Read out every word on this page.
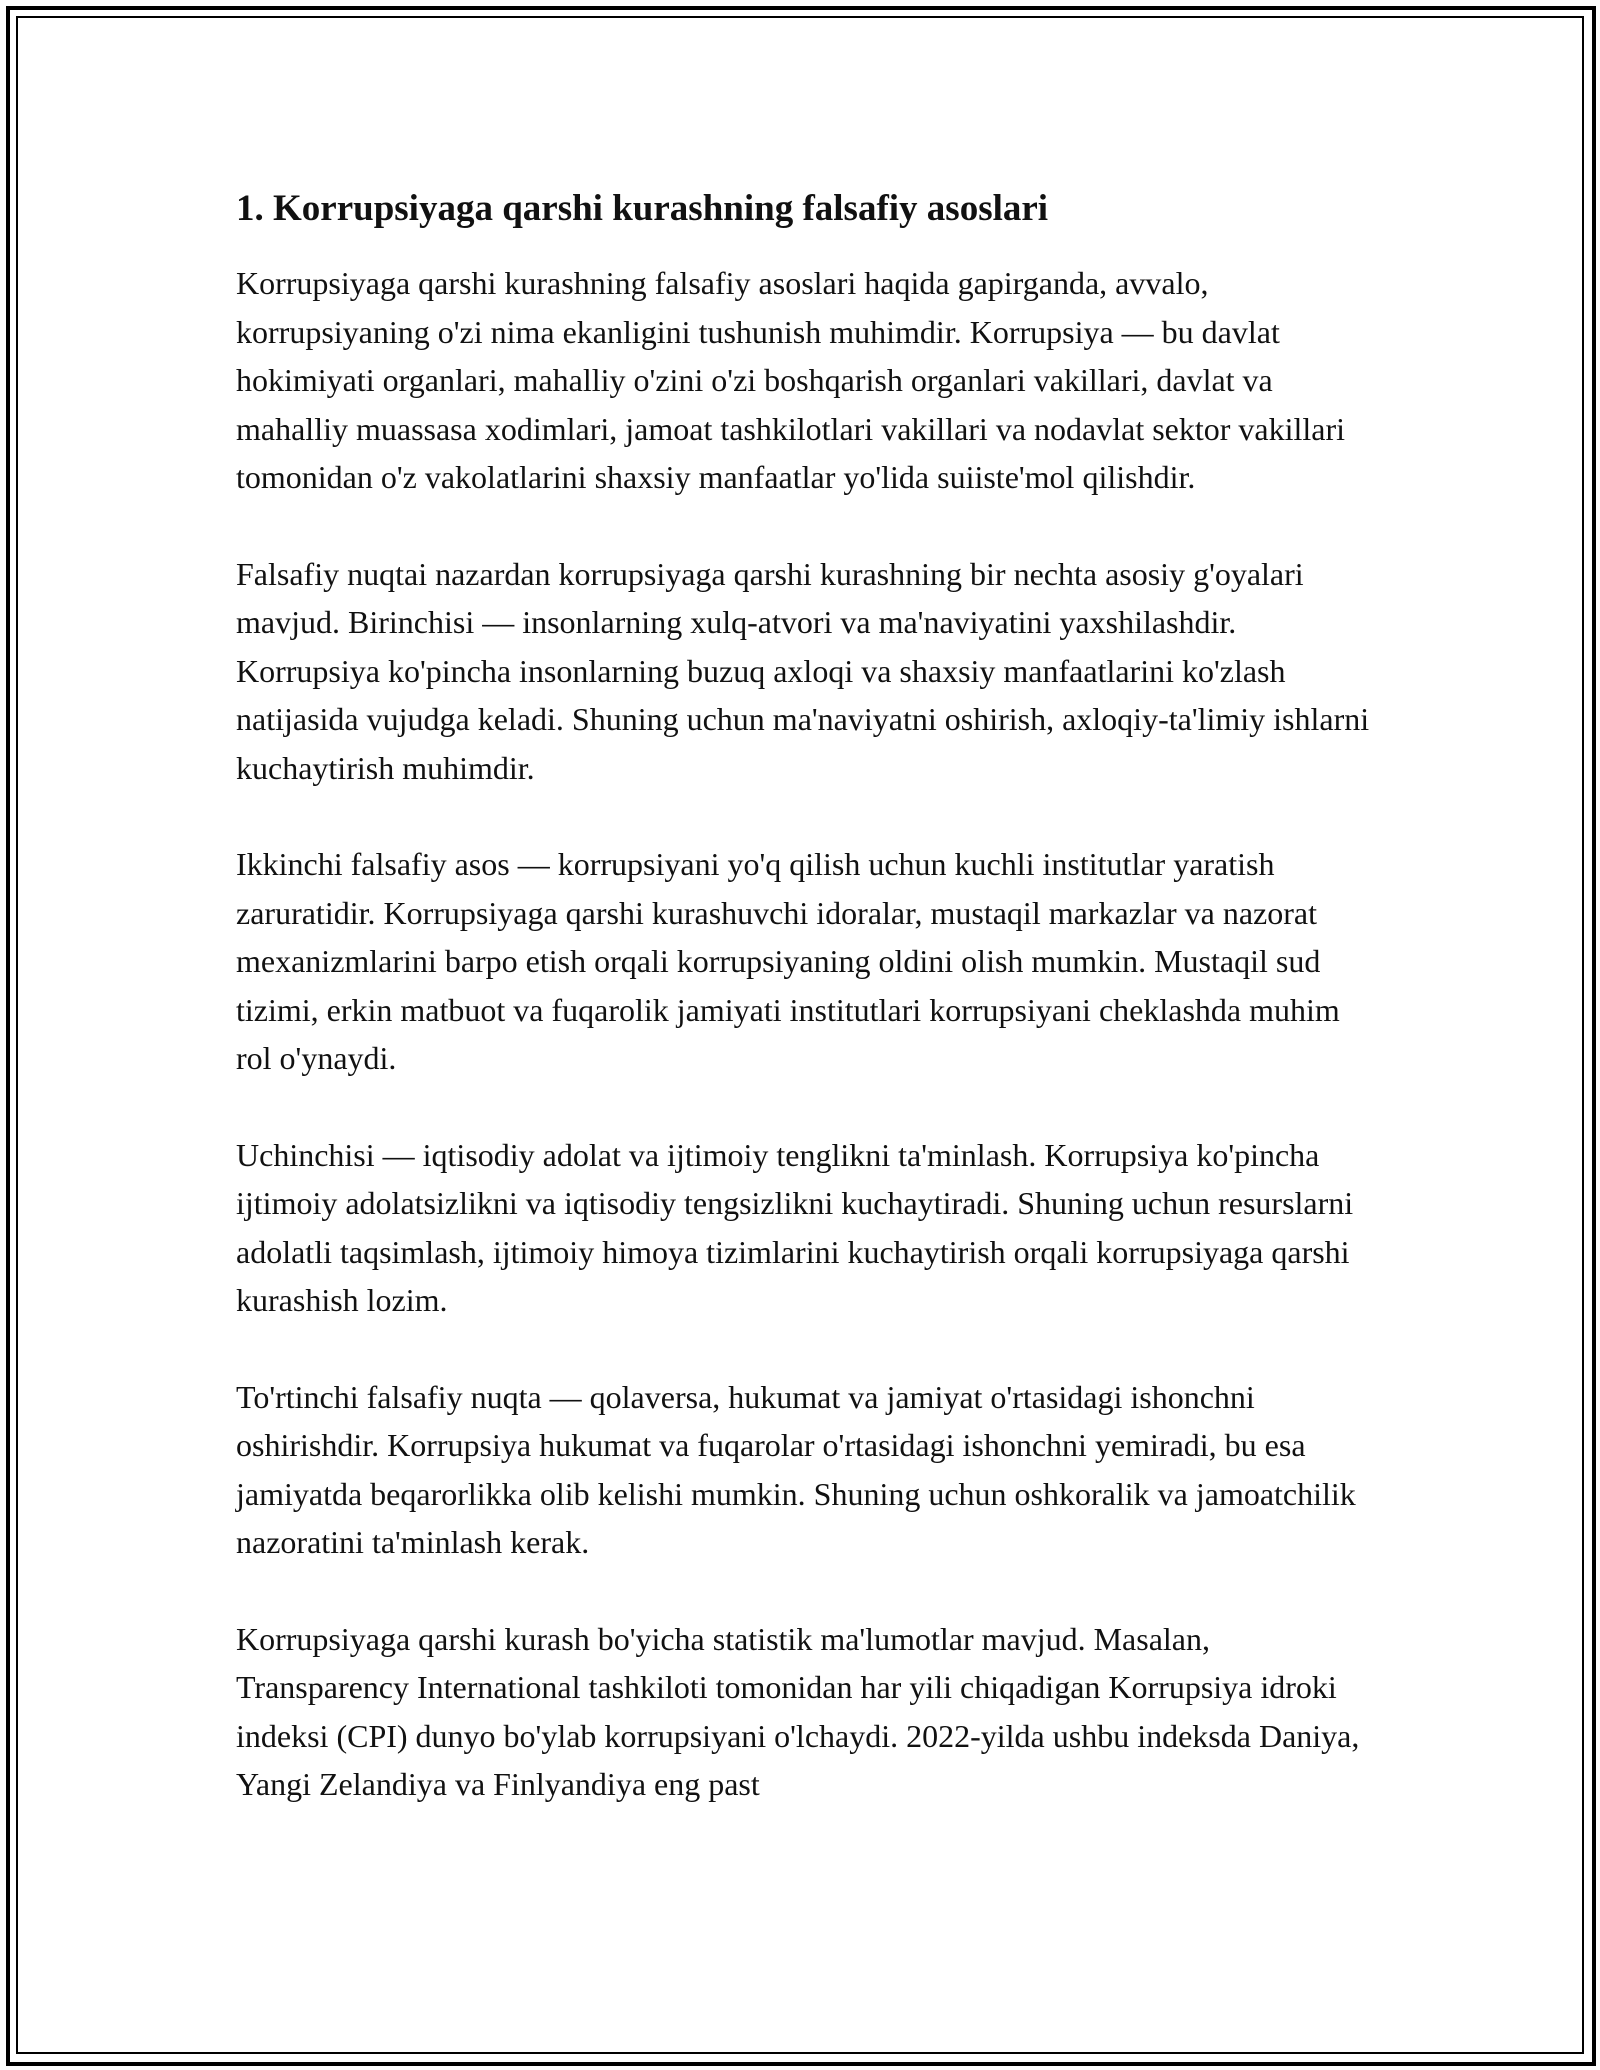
1. Korrupsiyaga qarshi kurashning falsafiy asoslari

Korrupsiyaga qarshi kurashning falsafiy asoslari haqida gapirganda, avvalo, korrupsiyaning o'zi nima ekanligini tushunish muhimdir. Korrupsiya — bu davlat hokimiyati organlari, mahalliy o'zini o'zi boshqarish organlari vakillari, davlat va mahalliy muassasa xodimlari, jamoat tashkilotlari vakillari va nodavlat sektor vakillari tomonidan o'z vakolatlarini shaxsiy manfaatlar yo'lida suiiste'mol qilishdir.

Falsafiy nuqtai nazardan korrupsiyaga qarshi kurashning bir nechta asosiy g'oyalari mavjud. Birinchisi — insonlarning xulq-atvori va ma'naviyatini yaxshilashdir. Korrupsiya ko'pincha insonlarning buzuq axloqi va shaxsiy manfaatlarini ko'zlash natijasida vujudga keladi. Shuning uchun ma'naviyatni oshirish, axloqiy-ta'limiy ishlarni kuchaytirish muhimdir.

Ikkinchi falsafiy asos — korrupsiyani yo'q qilish uchun kuchli institutlar yaratish zaruratidir. Korrupsiyaga qarshi kurashuvchi idoralar, mustaqil markazlar va nazorat mexanizmlarini barpo etish orqali korrupsiyaning oldini olish mumkin. Mustaqil sud tizimi, erkin matbuot va fuqarolik jamiyati institutlari korrupsiyani cheklashda muhim rol o'ynaydi.

Uchinchisi — iqtisodiy adolat va ijtimoiy tenglikni ta'minlash. Korrupsiya ko'pincha ijtimoiy adolatsizlikni va iqtisodiy tengsizlikni kuchaytiradi. Shuning uchun resurslarni adolatli taqsimlash, ijtimoiy himoya tizimlarini kuchaytirish orqali korrupsiyaga qarshi kurashish lozim.

To'rtinchi falsafiy nuqta — qolaversa, hukumat va jamiyat o'rtasidagi ishonchni oshirishdir. Korrupsiya hukumat va fuqarolar o'rtasidagi ishonchni yemiradi, bu esa jamiyatda beqarorlikka olib kelishi mumkin. Shuning uchun oshkoralik va jamoatchilik nazoratini ta'minlash kerak.

Korrupsiyaga qarshi kurash bo'yicha statistik ma'lumotlar mavjud. Masalan, Transparency International tashkiloti tomonidan har yili chiqadigan Korrupsiya idroki indeksi (CPI) dunyo bo'ylab korrupsiyani o'lchaydi. 2022-yilda ushbu indeksda Daniya, Yangi Zelandiya va Finlyandiya eng past
